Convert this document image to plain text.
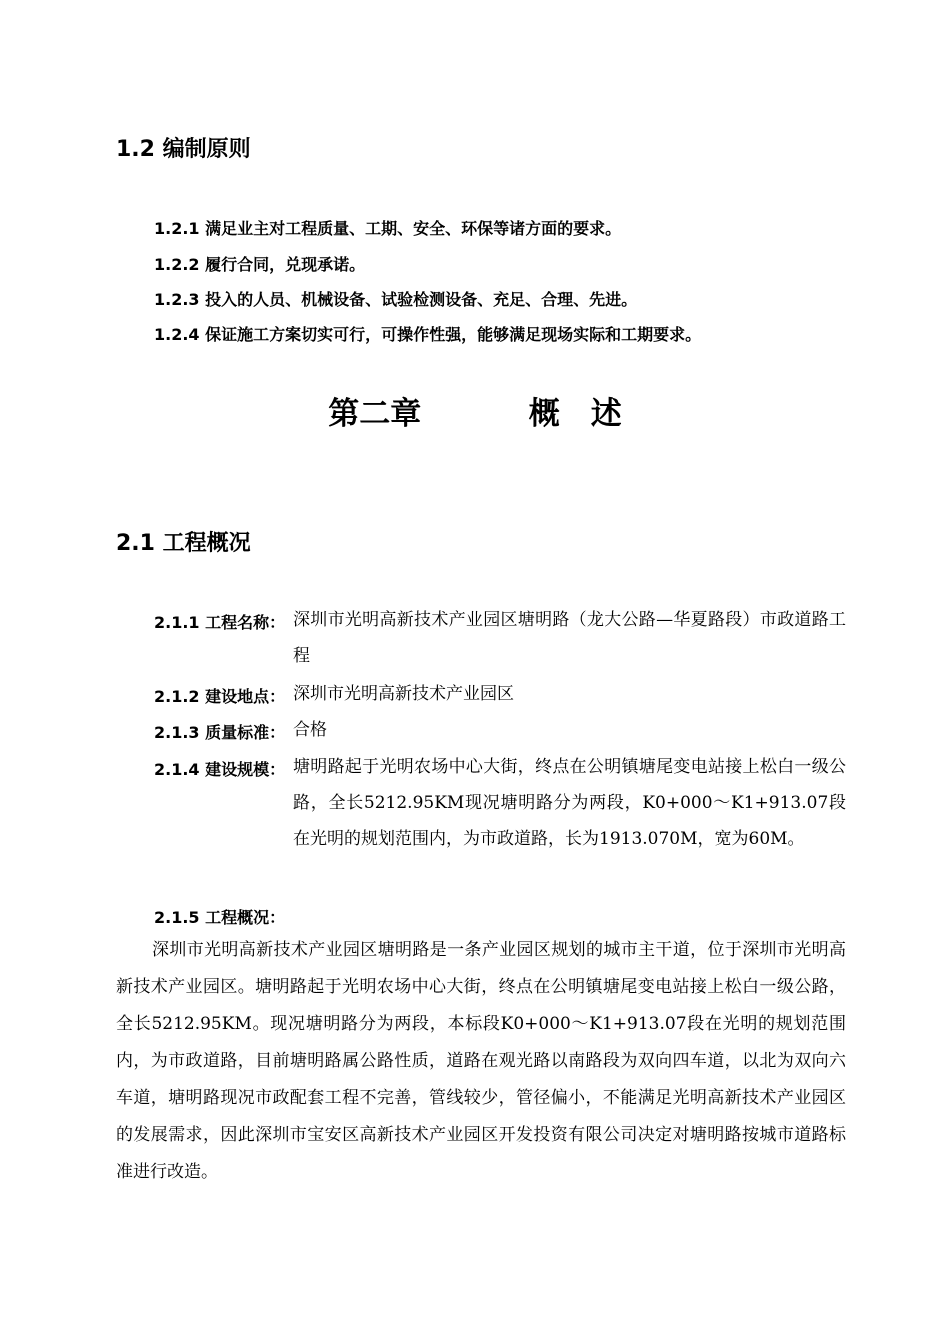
1.2 编制原则
1.2.1 满足业主对工程质量、工期、安全、环保等诸方面的要求。
1.2.2 履行合同，兑现承诺。
1.2.3 投入的人员、机械设备、试验检测设备、充足、合理、先进。
1.2.4 保证施工方案切实可行，可操作性强，能够满足现场实际和工期要求。
第二章	概　述
2.1 工程概况
2.1.1 工程名称： 深圳市光明高新技术产业园区塘明路（龙大公路—华夏路段）市政道路工程
2.1.2 建设地点： 深圳市光明高新技术产业园区
2.1.3 质量标准： 合格
2.1.4 建设规模： 塘明路起于光明农场中心大街，终点在公明镇塘尾变电站接上松白一级公路，全长5212.95KM现况塘明路分为两段，K0+000～K1+913.07段在光明的规划范围内，为市政道路，长为1913.070M，宽为60M。
2.1.5 工程概况：
深圳市光明高新技术产业园区塘明路是一条产业园区规划的城市主干道，位于深圳市光明高新技术产业园区。塘明路起于光明农场中心大街，终点在公明镇塘尾变电站接上松白一级公路，全长5212.95KM。现况塘明路分为两段，本标段K0+000～K1+913.07段在光明的规划范围内，为市政道路，目前塘明路属公路性质，道路在观光路以南路段为双向四车道，以北为双向六车道，塘明路现况市政配套工程不完善，管线较少，管径偏小，不能满足光明高新技术产业园区的发展需求，因此深圳市宝安区高新技术产业园区开发投资有限公司决定对塘明路按城市道路标准进行改造。
